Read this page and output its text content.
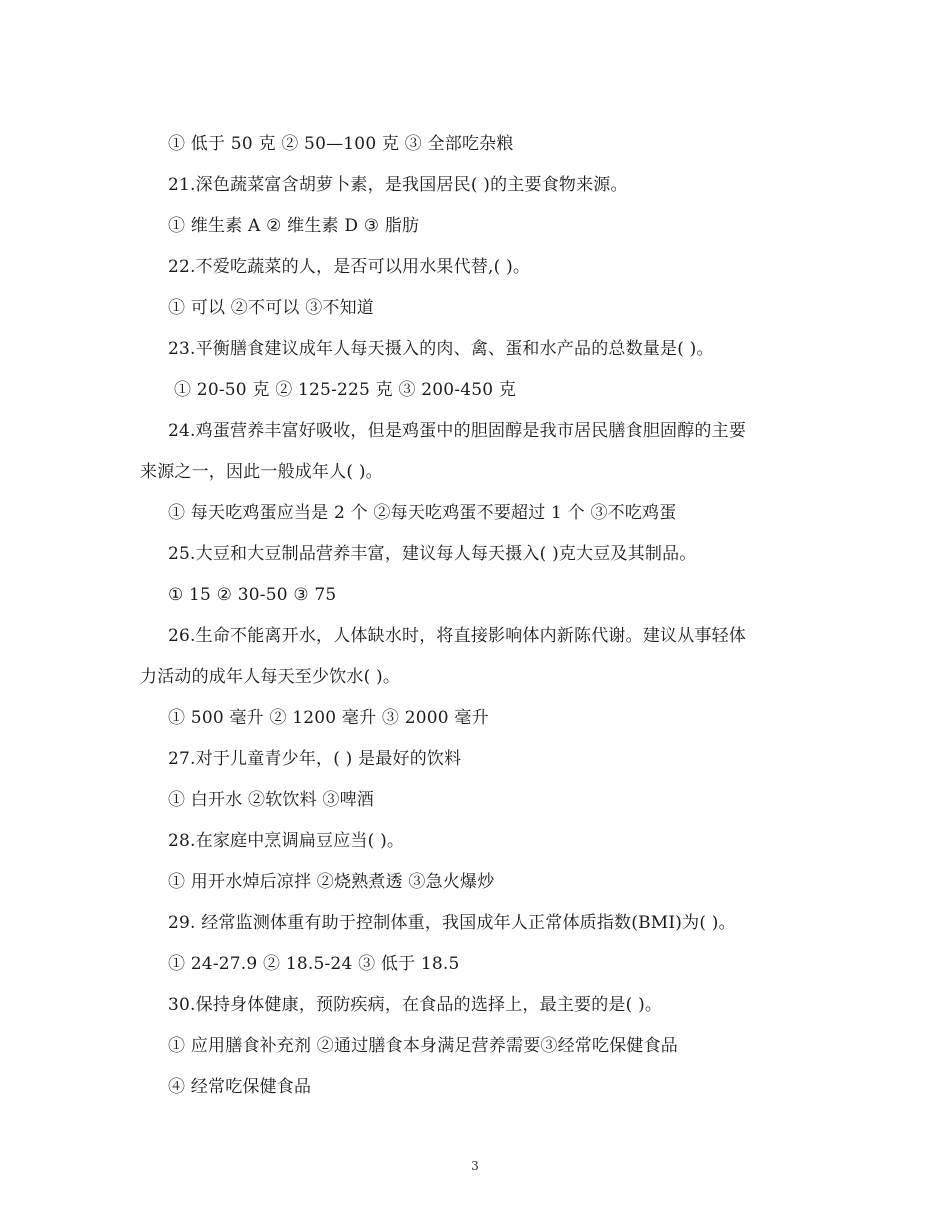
① 低于 50 克 ② 50—100 克 ③ 全部吃杂粮
21.深色蔬菜富含胡萝卜素，是我国居民( )的主要食物来源。
① 维生素 A ② 维生素 D ③ 脂肪
22.不爱吃蔬菜的人，是否可以用水果代替,( )。
① 可以 ②不可以 ③不知道
23.平衡膳食建议成年人每天摄入的肉、禽、蛋和水产品的总数量是( )。
① 20-50 克 ② 125-225 克 ③ 200-450 克
24.鸡蛋营养丰富好吸收，但是鸡蛋中的胆固醇是我市居民膳食胆固醇的主要
来源之一，因此一般成年人( )。
① 每天吃鸡蛋应当是 2 个 ②每天吃鸡蛋不要超过 1 个 ③不吃鸡蛋
25.大豆和大豆制品营养丰富，建议每人每天摄入( )克大豆及其制品。
① 15 ② 30-50 ③ 75
26.生命不能离开水，人体缺水时，将直接影响体内新陈代谢。建议从事轻体
力活动的成年人每天至少饮水( )。
① 500 毫升 ② 1200 毫升 ③ 2000 毫升
27.对于儿童青少年，( ) 是最好的饮料
① 白开水 ②软饮料 ③啤酒
28.在家庭中烹调扁豆应当( )。
① 用开水焯后凉拌 ②烧熟煮透 ③急火爆炒
29. 经常监测体重有助于控制体重，我国成年人正常体质指数(BMI)为( )。
① 24-27.9 ② 18.5-24 ③ 低于 18.5
30.保持身体健康，预防疾病，在食品的选择上，最主要的是( )。
① 应用膳食补充剂 ②通过膳食本身满足营养需要③经常吃保健食品
④ 经常吃保健食品
3
